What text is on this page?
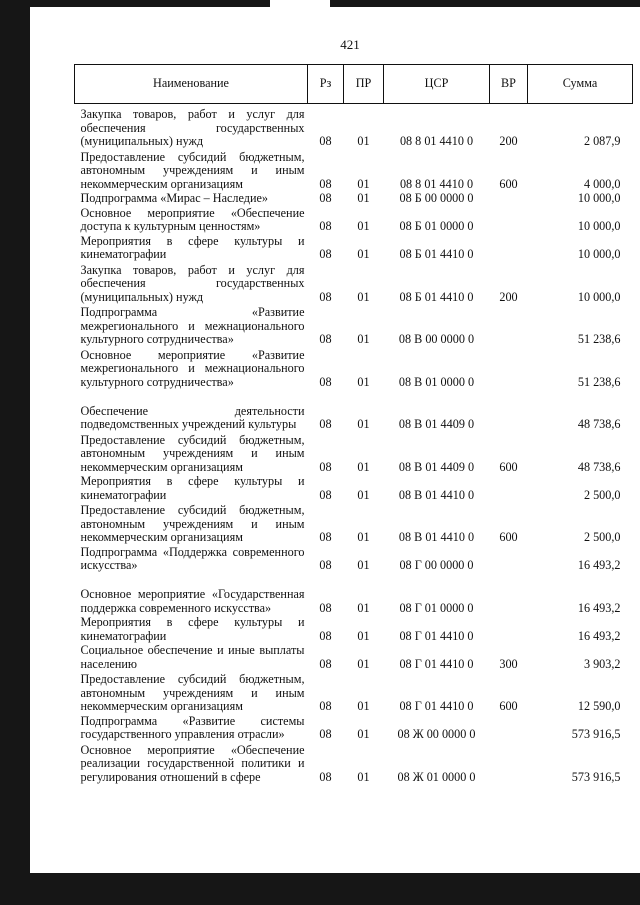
421
Наименование	Рз	ПР	ЦСР	ВР	Сумма
Закупка товаров, работ и услуг для обеспечения государственных (муниципальных) нужд	08	01	08 8 01 4410 0	200	2 087,9
Предоставление субсидий бюджетным, автономным учреждениям и иным некоммерческим организациям	08	01	08 8 01 4410 0	600	4 000,0
Подпрограмма «Мирас – Наследие»	08	01	08 Б 00 0000 0		10 000,0
Основное мероприятие «Обеспечение доступа к культурным ценностям»	08	01	08 Б 01 0000 0		10 000,0
Мероприятия в сфере культуры и кинематографии	08	01	08 Б 01 4410 0		10 000,0
Закупка товаров, работ и услуг для обеспечения государственных (муниципальных) нужд	08	01	08 Б 01 4410 0	200	10 000,0
Подпрограмма «Развитие межрегионального и межнационального культурного сотрудничества»	08	01	08 В 00 0000 0		51 238,6
Основное мероприятие «Развитие межрегионального и межнационального культурного сотрудничества»	08	01	08 В 01 0000 0		51 238,6
Обеспечение деятельности подведомственных учреждений культуры	08	01	08 В 01 4409 0		48 738,6
Предоставление субсидий бюджетным, автономным учреждениям и иным некоммерческим организациям	08	01	08 В 01 4409 0	600	48 738,6
Мероприятия в сфере культуры и кинематографии	08	01	08 В 01 4410 0		2 500,0
Предоставление субсидий бюджетным, автономным учреждениям и иным некоммерческим организациям	08	01	08 В 01 4410 0	600	2 500,0
Подпрограмма «Поддержка современного искусства»	08	01	08 Г 00 0000 0		16 493,2
Основное мероприятие «Государственная поддержка современного искусства»	08	01	08 Г 01 0000 0		16 493,2
Мероприятия в сфере культуры и кинематографии	08	01	08 Г 01 4410 0		16 493,2
Социальное обеспечение и иные выплаты населению	08	01	08 Г 01 4410 0	300	3 903,2
Предоставление субсидий бюджетным, автономным учреждениям и иным некоммерческим организациям	08	01	08 Г 01 4410 0	600	12 590,0
Подпрограмма «Развитие системы государственного управления отрасли»	08	01	08 Ж 00 0000 0		573 916,5
Основное мероприятие «Обеспечение реализации государственной политики и регулирования отношений в сфере	08	01	08 Ж 01 0000 0		573 916,5
